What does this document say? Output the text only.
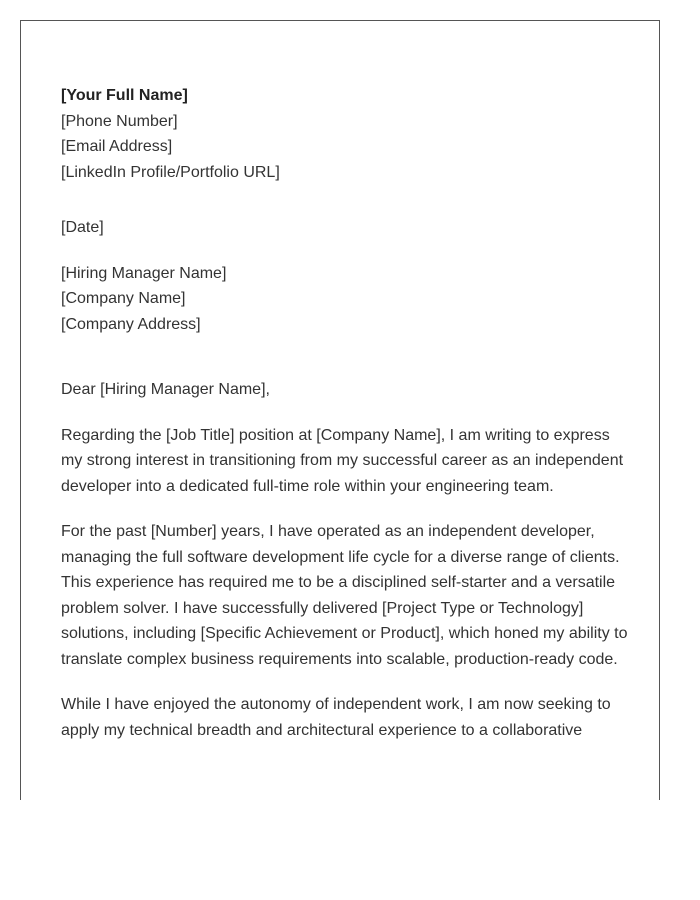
[Your Full Name]
[Phone Number]
[Email Address]
[LinkedIn Profile/Portfolio URL]
[Date]
[Hiring Manager Name]
[Company Name]
[Company Address]
Dear [Hiring Manager Name],

Regarding the [Job Title] position at [Company Name], I am writing to express my strong interest in transitioning from my successful career as an independent developer into a dedicated full-time role within your engineering team.

For the past [Number] years, I have operated as an independent developer, managing the full software development life cycle for a diverse range of clients. This experience has required me to be a disciplined self-starter and a versatile problem solver. I have successfully delivered [Project Type or Technology] solutions, including [Specific Achievement or Product], which honed my ability to translate complex business requirements into scalable, production-ready code.

While I have enjoyed the autonomy of independent work, I am now seeking to apply my technical breadth and architectural experience to a collaborative
